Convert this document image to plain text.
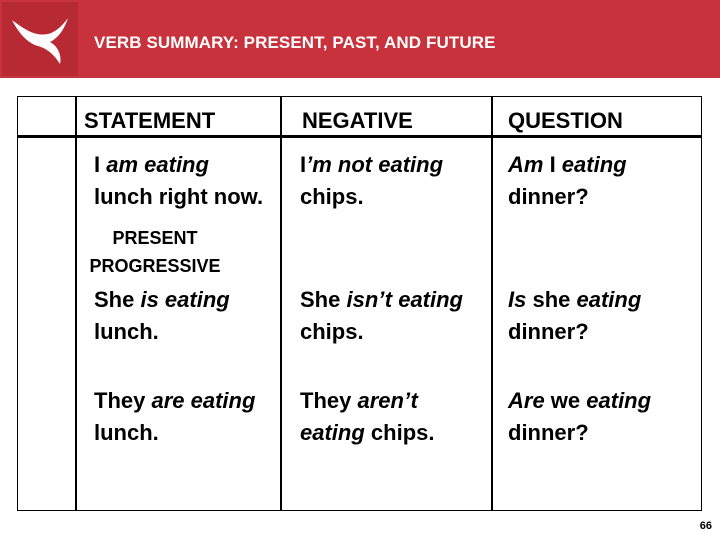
VERB SUMMARY: PRESENT, PAST, AND FUTURE
STATEMENT	NEGATIVE	QUESTION
I am eating lunch right now.
I’m not eating chips.
Am I eating dinner?
PRESENT
PROGRESSIVE
She is eating lunch.
She isn’t eating chips.
Is she eating dinner?
They are eating lunch.
They aren’t eating chips.
Are we eating dinner?
66
